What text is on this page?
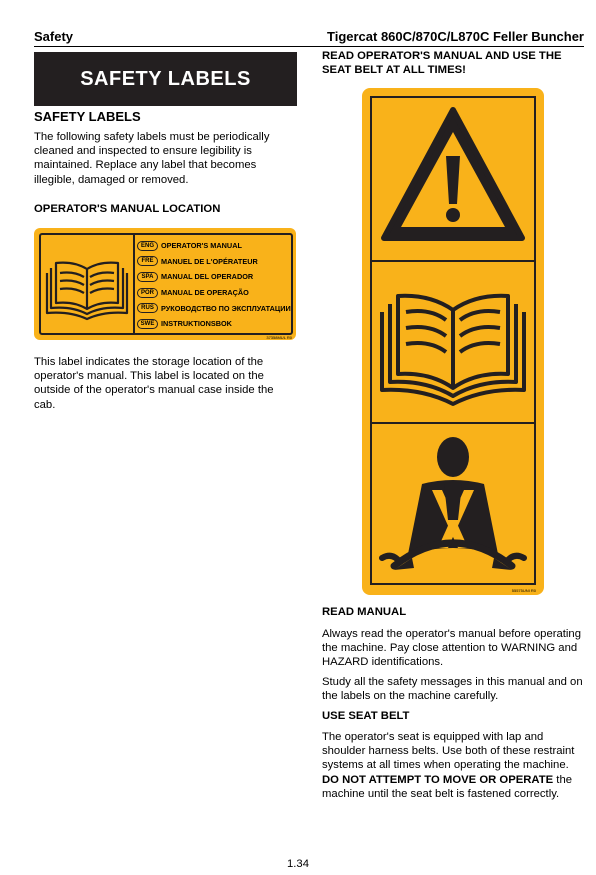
Safety	Tigercat 860C/870C/L870C Feller Buncher
SAFETY LABELS
SAFETY LABELS
The following safety labels must be periodically cleaned and inspected to ensure legibility is maintained. Replace any label that becomes illegible, damaged or removed.
OPERATOR'S MANUAL LOCATION
ENG OPERATOR'S MANUAL
FRE	MANUEL DE L'OPÉRATEUR
SPA	MANUAL DEL OPERADOR
POR MANUAL DE OPERAÇÃO
RUS РУКОВОДСТВО ПО ЭКСПЛУАТАЦИИ
SWE INSTRUKTIONSBOK
37358MUL R0
This label indicates the storage location of the operator's manual. This label is located on the outside of the operator's manual case inside the cab.
READ OPERATOR'S MANUAL AND USE THE SEAT BELT AT ALL TIMES!
55575UNI R0
READ MANUAL
Always read the operator's manual before operating the machine. Pay close attention to WARNING and HAZARD identifications.
Study all the safety messages in this manual and on the labels on the machine carefully.
USE SEAT BELT
The operator's seat is equipped with lap and shoulder harness belts. Use both of these restraint systems at all times when operating the machine. DO NOT ATTEMPT TO MOVE OR OPERATE the machine until the seat belt is fastened correctly.
1.34
